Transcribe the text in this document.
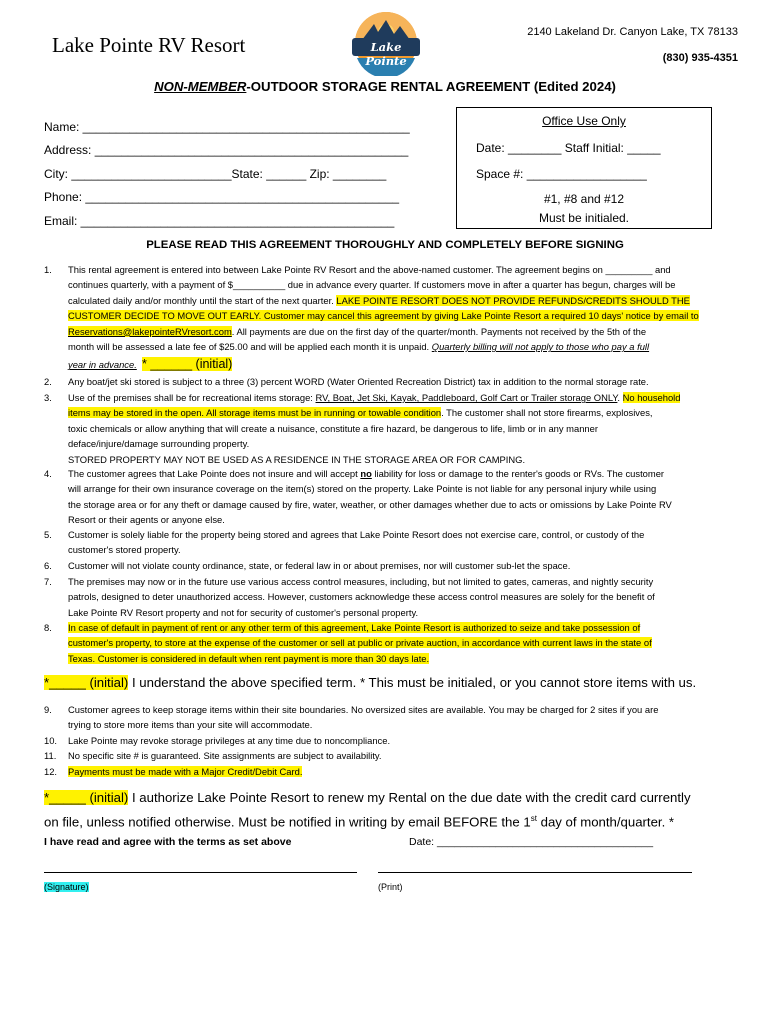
Lake Pointe RV Resort	Lake Pointe
2140 Lakeland Dr. Canyon Lake, TX 78133
(830) 935-4351
NON-MEMBER-OUTDOOR STORAGE RENTAL AGREEMENT (Edited 2024)
Name: _________________________________________________
Address: _______________________________________________
City: ________________________State: ______ Zip: ________
Phone: _______________________________________________
Email: _______________________________________________
Office Use Only
Date: ________ Staff Initial: _____
Space #: __________________
#1, #8 and #12
Must be initialed.
PLEASE READ THIS AGREEMENT THOROUGHLY AND COMPLETELY BEFORE SIGNING
1.	This rental agreement is entered into between Lake Pointe RV Resort and the above-named customer. The agreement begins on _________ and
continues quarterly, with a payment of $__________ due in advance every quarter. If customers move in after a quarter has begun, charges will be
calculated daily and/or monthly until the start of the next quarter. LAKE POINTE RESORT DOES NOT PROVIDE REFUNDS/CREDITS SHOULD THE
CUSTOMER DECIDE TO MOVE OUT EARLY. Customer may cancel this agreement by giving Lake Pointe Resort a required 10 days' notice by email to
Reservations@lakepointeRVresort.com. All payments are due on the first day of the quarter/month. Payments not received by the 5th of the
month will be assessed a late fee of $25.00 and will be applied each month it is unpaid. Quarterly billing will not apply to those who pay a full
year in advance. * ______ (initial)
2.	Any boat/jet ski stored is subject to a three (3) percent WORD (Water Oriented Recreation District) tax in addition to the normal storage rate.
3.	Use of the premises shall be for recreational items storage: RV, Boat, Jet Ski, Kayak, Paddleboard, Golf Cart or Trailer storage ONLY. No household
items may be stored in the open. All storage items must be in running or towable condition. The customer shall not store firearms, explosives,
toxic chemicals or allow anything that will create a nuisance, constitute a fire hazard, be dangerous to life, limb or in any manner
deface/injure/damage surrounding property.
STORED PROPERTY MAY NOT BE USED AS A RESIDENCE IN THE STORAGE AREA OR FOR CAMPING.
4.	The customer agrees that Lake Pointe does not insure and will accept no liability for loss or damage to the renter's goods or RVs. The customer
will arrange for their own insurance coverage on the item(s) stored on the property. Lake Pointe is not liable for any personal injury while using
the storage area or for any theft or damage caused by fire, water, weather, or other damages whether due to acts or omissions by Lake Pointe RV
Resort or their agents or anyone else.
5.	Customer is solely liable for the property being stored and agrees that Lake Pointe Resort does not exercise care, control, or custody of the
customer's stored property.
6.	Customer will not violate county ordinance, state, or federal law in or about premises, nor will customer sub-let the space.
7.	The premises may now or in the future use various access control measures, including, but not limited to gates, cameras, and nightly security
patrols, designed to deter unauthorized access. However, customers acknowledge these access control measures are solely for the benefit of
Lake Pointe RV Resort property and not for security of customer's personal property.
8.	In case of default in payment of rent or any other term of this agreement, Lake Pointe Resort is authorized to seize and take possession of
customer's property, to store at the expense of the customer or sell at public or private auction, in accordance with current laws in the state of
Texas. Customer is considered in default when rent payment is more than 30 days late.
*_____ (initial) I understand the above specified term. * This must be initialed, or you cannot store items with us.
9.	Customer agrees to keep storage items within their site boundaries. No oversized sites are available. You may be charged for 2 sites if you are
trying to store more items than your site will accommodate.
10.	Lake Pointe may revoke storage privileges at any time due to noncompliance.
11.	No specific site # is guaranteed. Site assignments are subject to availability.
12.	Payments must be made with a Major Credit/Debit Card.
*_____ (initial) I authorize Lake Pointe Resort to renew my Rental on the due date with the credit card currently
on file, unless notified otherwise. Must be notified in writing by email BEFORE the 1st day of month/quarter. *
I have read and agree with the terms as set above	Date: _____________________________________
(Signature)	(Print)
